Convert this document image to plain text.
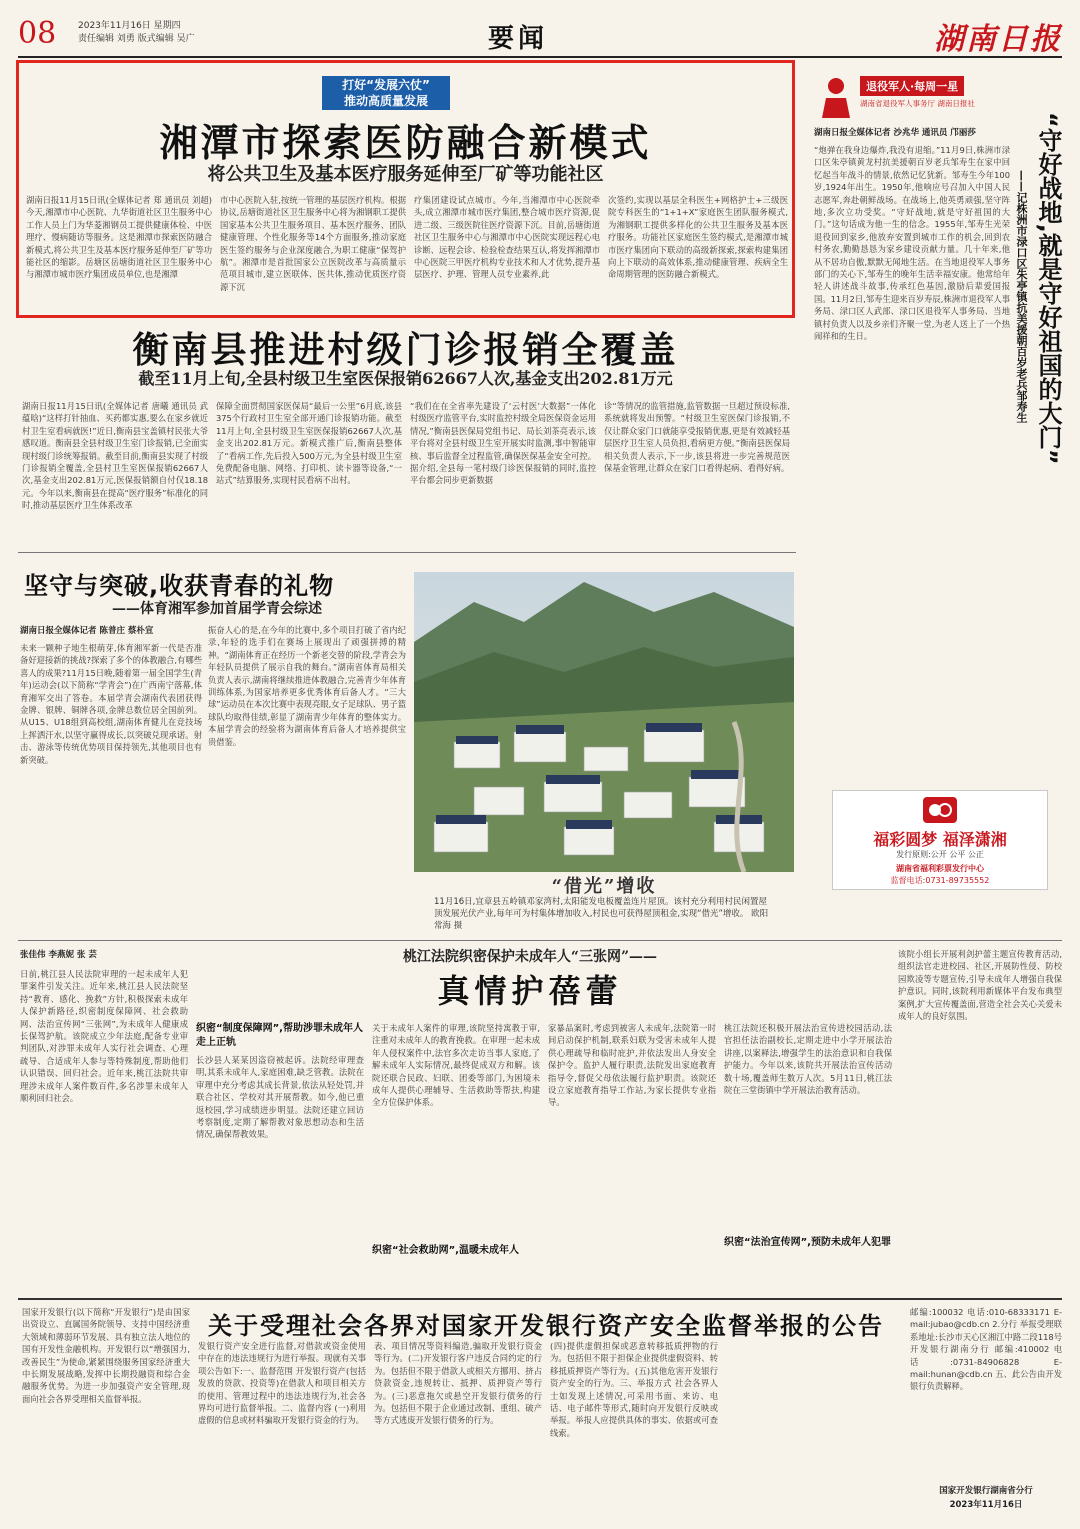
08 2023年11月16日 星期四
责任编辑 刘勇 版式编辑 吴广	要闻	湖南日报
打好“发展六仗”
推动高质量发展
湘潭市探索医防融合新模式
将公共卫生及基本医疗服务延伸至厂矿等功能社区
湖南日报11月15日讯(全媒体记者 郑 通讯员 刘超)今天,湘潭市中心医院、九华街道社区卫生服务中心工作人员上门为华菱湘钢员工提供健康体检、中医理疗、慢病随访等服务。这是湘潭市探索医防融合新模式,将公共卫生及基本医疗服务延伸至厂矿等功能社区的缩影。岳塘区岳塘街道社区卫生服务中心与湘潭市城市医疗集团成员单位,也是湘潭
市中心医院入驻,按统一管理的基层医疗机构。根据协议,岳塘街道社区卫生服务中心将为湘钢职工提供国家基本公共卫生服务项目、基本医疗服务、团队健康管理、个性化服务等14个方面服务,推动家庭医生签约服务与企业深度融合,为职工健康“保驾护航”。湘潭市是首批国家公立医院改革与高质量示范项目城市,建立医联体、医共体,推动优质医疗资源下沉
疗集团建设试点城市。今年,当湘潭市中心医院牵头,成立湘潭市城市医疗集团,整合城市医疗资源,促进二级、三级医院往医疗资源下沉。目前,岳塘街道社区卫生服务中心与湘潭市中心医院实现远程心电诊断、远程会诊、检验检查结果互认,将发挥湘潭市中心医院三甲医疗机构专业技术和人才优势,提升基层医疗、护理、管理人员专业素养,此
次签约,实现以基层全科医生+网格护士+三级医院专科医生的“1+1+X”家庭医生团队服务模式,为湘钢职工提供多样化的公共卫生服务及基本医疗服务。功能社区家庭医生签约模式,是湘潭市城市医疗集团向下联动的高级新探索,探索构建集团向上下联动的高效体系,推动健康管理、疾病全生命周期管理的医防融合新模式。
衡南县推进村级门诊报销全覆盖
截至11月上旬,全县村级卫生室医保报销62667人次,基金支出202.81万元
湖南日报11月15日讯(全媒体记者 唐曦 通讯员 武蕴晗)“这样打针抽血、买药都实惠,要么在家乡就近村卫生室看病就医!”近日,衡南县宝盖镇村民张大爷感叹道。衡南县全县村级卫生室门诊报销,已全面实现村级门诊统筹报销。截至目前,衡南县实现了村级门诊报销全覆盖,全县村卫生室医保报销62667人次,基金支出202.81万元,医保报销额自付仅18.18元。今年以来,衡南县在提高“医疗服务”标准化的同时,推动基层医疗卫生体系改革
保障全面贯彻国家医保局“最后一公里”6月底,该县375个行政村卫生室全部开通门诊报销功能。截至11月上旬,全县村级卫生室医保报销62667人次,基金支出202.81万元。新模式推广后,衡南县整体了“看病工作,先后投入500万元,为全县村级卫生室免费配备电脑、网络、打印机、读卡器等设备,“一站式”结算服务,实现村民看病不出村。
“我们在在全省率先建设了‘云村医’大数据”一体化村级医疗监管平台,实时监控村级全局医保资金运用情况,”衡南县医保局党组书记、局长刘茶亮表示,该平台将对全县村级卫生室开展实时监测,事中智能审核、事后监督全过程监管,确保医保基金安全可控。据介绍,全县每一笔村级门诊医保报销的同时,监控平台都会同步更新数据
诊“等情况的监管措施,监管数据一旦超过预设标准,系统就将发出预警。“村级卫生室医保门诊报销,不仅让群众家门口就能享受报销优惠,更是有效减轻基层医疗卫生室人员负担,看病更方便。”衡南县医保局相关负责人表示,下一步,该县将进一步完善规范医保基金管理,让群众在家门口看得起病、看得好病。
坚守与突破,收获青春的礼物
——体育湘军参加首届学青会综述
湖南日报全媒体记者 陈普庄 蔡朴宣
未来一颗种子地生根萌芽,体育湘军新一代是否准备好迎接新的挑战?探索了多个的体教融合,有哪些喜人的成果?11月15日晚,随着第一届全国学生(青年)运动会(以下简称“学青会”)在广西南宁落幕,体育湘军交出了答卷。本届学青会湖南代表团获得金牌、银牌、铜牌各项,金牌总数位居全国前列。从U15、U18组到高校组,湖南体育健儿在竞技场上挥洒汗水,以坚守赢得成长,以突破兑现承诺。射击、游泳等传统优势项目保持领先,其他项目也有新突破。
振奋人心的是,在今年的比赛中,多个项目打破了省内纪录,年轻的选手们在赛场上展现出了顽强拼搏的精神。“湖南体育正在经历一个新老交替的阶段,学青会为年轻队员提供了展示自我的舞台。”湖南省体育局相关负责人表示,湖南将继续推进体教融合,完善青少年体育训练体系,为国家培养更多优秀体育后备人才。“三大球”运动员在本次比赛中表现亮眼,女子足球队、男子篮球队均取得佳绩,彰显了湖南青少年体育的整体实力。本届学青会的经验将为湖南体育后备人才培养提供宝贵借鉴。
“借光”增收
11月16日,宜章县五岭镇邓家湾村,太阳能发电板覆盖连片屋顶。该村充分利用村民闲置屋顶发展光伏产业,每年可为村集体增加收入,村民也可获得屋顶租金,实现“借光”增收。 欧阳常海 摄
退役军人·每周一星
湖南省退役军人事务厅 湖南日报社
湖南日报全媒体记者 沙兆华 通讯员 邝丽莎
“炮弹在我身边爆炸,我没有退缩。”11月9日,株洲市渌口区朱亭镇黄龙村抗美援朝百岁老兵邹寿生在家中回忆起当年战斗的情景,依然记忆犹新。邹寿生今年100岁,1924年出生。1950年,他响应号召加入中国人民志愿军,奔赴朝鲜战场。在战场上,他英勇顽强,坚守阵地,多次立功受奖。“守好战地,就是守好祖国的大门。”这句话成为他一生的信念。1955年,邹寿生光荣退役回到家乡,他放弃安置到城市工作的机会,回到农村务农,勤勤恳恳为家乡建设贡献力量。几十年来,他从不居功自傲,默默无闻地生活。在当地退役军人事务部门的关心下,邹寿生的晚年生活幸福安康。他常给年轻人讲述战斗故事,传承红色基因,激励后辈爱国报国。11月2日,邹寿生迎来百岁寿辰,株洲市退役军人事务局、渌口区人武部、渌口区退役军人事务局、当地镇村负责人以及乡亲们齐聚一堂,为老人送上了一个热闹祥和的生日。	“守好战地,就是守好祖国的大门”
——记株洲市渌口区朱亭镇抗美援朝百岁老兵邹寿生
福彩圆梦 福泽潇湘
发行原则:公开 公平 公正
湖南省福利彩票发行中心
监督电话:0731-89735552
张佳伟 李燕妮 张 芸	桃江法院织密保护未成年人“三张网”——
真情护蓓蕾
日前,桃江县人民法院审理的一起未成年人犯罪案件引发关注。近年来,桃江县人民法院坚持“教育、感化、挽救”方针,积极探索未成年人保护新路径,织密制度保障网、社会救助网、法治宣传网“三张网”,为未成年人健康成长保驾护航。该院成立少年法庭,配备专业审判团队,对涉罪未成年人实行社会调查、心理疏导、合适成年人参与等特殊制度,帮助他们认识错误、回归社会。近年来,桃江法院共审理涉未成年人案件数百件,多名涉罪未成年人顺利回归社会。
织密“制度保障网”,帮助涉罪未成年人走上正轨
长沙县人某某因盗窃被起诉。法院经审理查明,其系未成年人,家庭困难,缺乏管教。法院在审理中充分考虑其成长背景,依法从轻处罚,并联合社区、学校对其开展帮教。如今,他已重返校园,学习成绩进步明显。法院还建立回访考察制度,定期了解帮教对象思想动态和生活情况,确保帮教效果。
关于未成年人案件的审理,该院坚持寓教于审,注重对未成年人的教育挽救。在审理一起未成年人侵权案件中,法官多次走访当事人家庭,了解未成年人实际情况,最终促成双方和解。该院还联合民政、妇联、团委等部门,为困境未成年人提供心理辅导、生活救助等帮扶,构建全方位保护体系。
织密“社会救助网”,温暖未成年人
家暴品案时,考虑到被害人未成年,法院第一时间启动保护机制,联系妇联为受害未成年人提供心理疏导和临时庇护,并依法发出人身安全保护令。监护人履行职责,法院发出家庭教育指导令,督促父母依法履行监护职责。该院还设立家庭教育指导工作站,为家长提供专业指导。
桃江法院还积极开展法治宣传进校园活动,法官担任法治副校长,定期走进中小学开展法治讲座,以案释法,增强学生的法治意识和自我保护能力。今年以来,该院共开展法治宣传活动数十场,覆盖师生数万人次。5月11日,桃江法院在三堂街镇中学开展法治教育活动。
织密“法治宣传网”,预防未成年人犯罪
该院小组长开展利剑护蕾主题宣传教育活动,组织法官走进校园、社区,开展防性侵、防校园欺凌等专题宣传,引导未成年人增强自我保护意识。同时,该院利用新媒体平台发布典型案例,扩大宣传覆盖面,营造全社会关心关爱未成年人的良好氛围。
关于受理社会各界对国家开发银行资产安全监督举报的公告
国家开发银行(以下简称“开发银行”)是由国家出资设立、直属国务院领导、支持中国经济重大领域和薄弱环节发展、具有独立法人地位的国有开发性金融机构。开发银行以“增强国力,改善民生”为使命,紧紧围绕服务国家经济重大中长期发展战略,发挥中长期投融资和综合金融服务优势。为进一步加强资产安全管理,现面向社会各界受理相关监督举报。
发银行资产安全进行监督,对借款或资金使用中存在的违法违规行为进行举报。现就有关事项公告如下:一、监督范围 开发银行资产(包括发放的贷款、投资等)在借款人和项目相关方的使用、管理过程中的违法违规行为,社会各界均可进行监督举报。二、监督内容 (一)利用虚假的信息或材料骗取开发银行资金的行为。
表、项目情况等资料编造,骗取开发银行资金等行为。(二)开发银行客户违反合同约定的行为。包括但不限于借款人或相关方挪用、挤占贷款资金,违规转让、抵押、质押资产等行为。(三)恶意拖欠或悬空开发银行债务的行为。包括但不限于企业通过改制、重组、破产等方式逃废开发银行债务的行为。
(四)提供虚假担保或恶意转移抵质押物的行为。包括但不限于担保企业提供虚假资料、转移抵质押资产等行为。(五)其他危害开发银行资产安全的行为。三、举报方式 社会各界人士如发现上述情况,可采用书面、来访、电话、电子邮件等形式,随时向开发银行反映或举报。举报人应提供具体的事实、依据或可查线索。
邮编:100032 电话:010-68333171 E-mail:jubao@cdb.cn 2.分行 举报受理联系地址:长沙市天心区湘江中路二段118号开发银行湖南分行 邮编:410002 电话:0731-84906828 E-mail:hunan@cdb.cn 五、此公告由开发银行负责解释。
国家开发银行湖南省分行
2023年11月16日
